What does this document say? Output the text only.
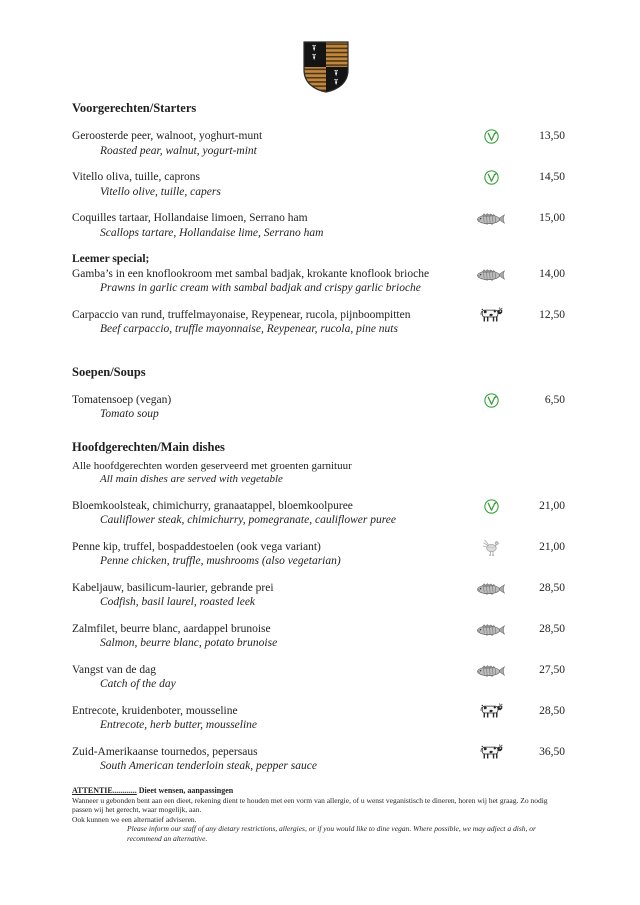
Voorgerechten/Starters
Geroosterde peer, walnoot, yoghurt-munt
Roasted pear, walnut, yogurt-mint
13,50
Vitello oliva, tuille, caprons
Vitello olive, tuille, capers
14,50
Coquilles tartaar, Hollandaise limoen, Serrano ham
Scallops tartare, Hollandaise lime, Serrano ham
15,00
Leemer special;
Gamba’s in een knoflookroom met sambal badjak, krokante knoflook brioche
Prawns in garlic cream with sambal badjak and crispy garlic brioche
14,00
Carpaccio van rund, truffelmayonaise, Reypenear, rucola, pijnboompitten
Beef carpaccio, truffle mayonnaise, Reypenear, rucola, pine nuts
12,50
Soepen/Soups
Tomatensoep (vegan)
Tomato soup
6,50
Hoofdgerechten/Main dishes
Alle hoofdgerechten worden geserveerd met groenten garnituur
All main dishes are served with vegetable
Bloemkoolsteak, chimichurry, granaatappel, bloemkoolpuree
Cauliflower steak, chimichurry, pomegranate, cauliflower puree
21,00
Penne kip, truffel, bospaddestoelen (ook vega variant)
Penne chicken, truffle, mushrooms (also vegetarian)
21,00
Kabeljauw, basilicum-laurier, gebrande prei
Codfish, basil laurel, roasted leek
28,50
Zalmfilet, beurre blanc, aardappel brunoise
Salmon, beurre blanc, potato brunoise
28,50
Vangst van de dag
Catch of the day
27,50
Entrecote, kruidenboter, mousseline
Entrecote, herb butter, mousseline
28,50
Zuid-Amerikaanse tournedos, pepersaus
South American tenderloin steak, pepper sauce
36,50
ATTENTIE............ Dieet wensen, aanpassingen
Wanneer u gebonden bent aan een dieet, rekening dient te houden met een vorm van allergie, of u wenst veganistisch te dineren, horen wij het graag. Zo nodig passen wij het gerecht, waar mogelijk, aan.
Ook kunnen we een alternatief adviseren.
Please inform our staff of any dietary restrictions, allergies, or if you would like to dine vegan. Where possible, we may adject a dish, or recommend an alternative.
